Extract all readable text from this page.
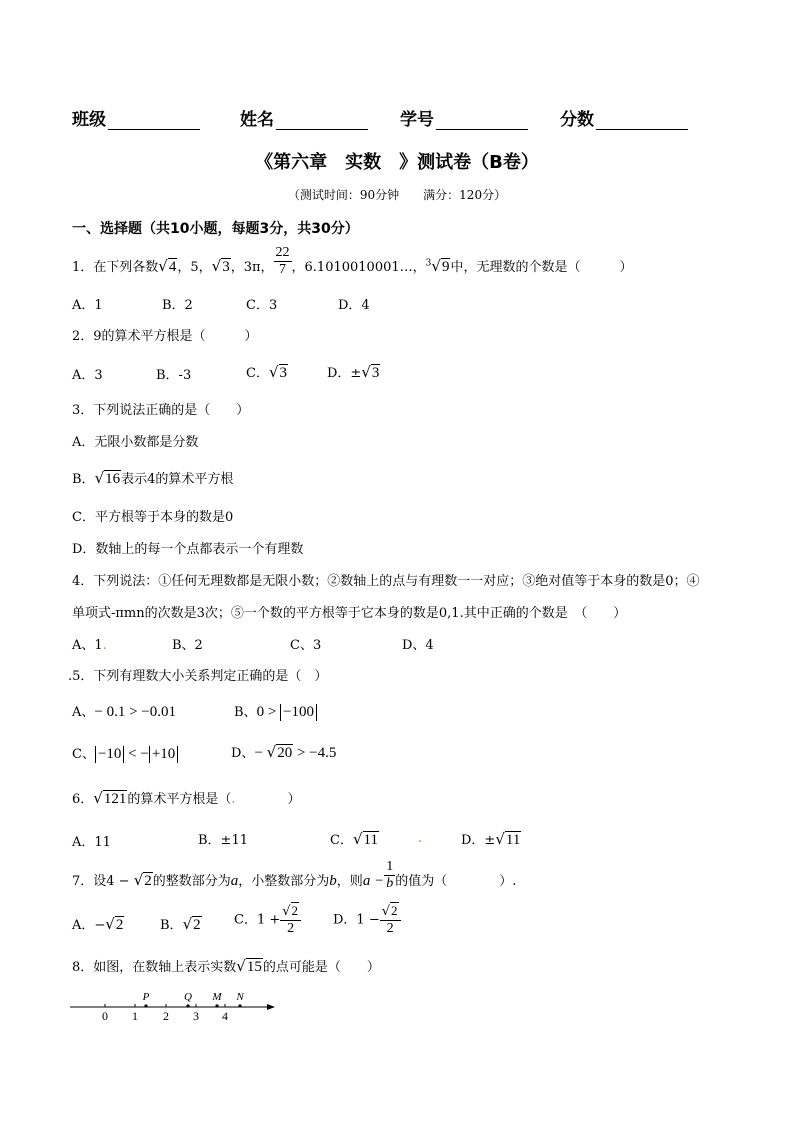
班级	姓名	学号	分数
《第六章　实数　》测试卷（B卷）
（测试时间：90分钟　　满分：120分）
一、选择题（共10小题，每题3分，共30分）
1．在下列各数√4，5，√3，3π， $\frac{22}{7}$ ，6.1010010001…，$^3$√9中，无理数的个数是（　　　）
A．1	B．2	C．3	D．4
2．9的算术平方根是（　　　）
A．3	B．-3	C．√3	D．±√3
3．下列说法正确的是（　　）
A．无限小数都是分数
B．√16表示4的算术平方根
C．平方根等于本身的数是0
D．数轴上的每一个点都表示一个有理数
4．下列说法：①任何无理数都是无限小数；②数轴上的点与有理数一一对应；③绝对值等于本身的数是0；④
单项式-πmn的次数是3次；⑤一个数的平方根等于它本身的数是0,1.其中正确的个数是　（　　）
A、1.	B、2	C、3	D、4
.5．下列有理数大小关系判定正确的是（　）
A、− 0.1 > −0.01	B、0 > −100
C、 −10 < − +10	D、− √20 > −4.5
6．√121的算术平方根是（.　　　　）
A．11	B．±11	C．√11	.	D．±√11
7．设4 − √2的整数部分为a，小整数部分为b，则$a - \frac{1}{b}$ 的值为（　　　　）.
A．−√2	B．√2	C．$1 + \frac{√2}{2}$ D．$1 - \frac{√2}{2}$
8．如图，在数轴上表示实数√15的点可能是（　　）
0 1 2 3 4
P	Q M N
